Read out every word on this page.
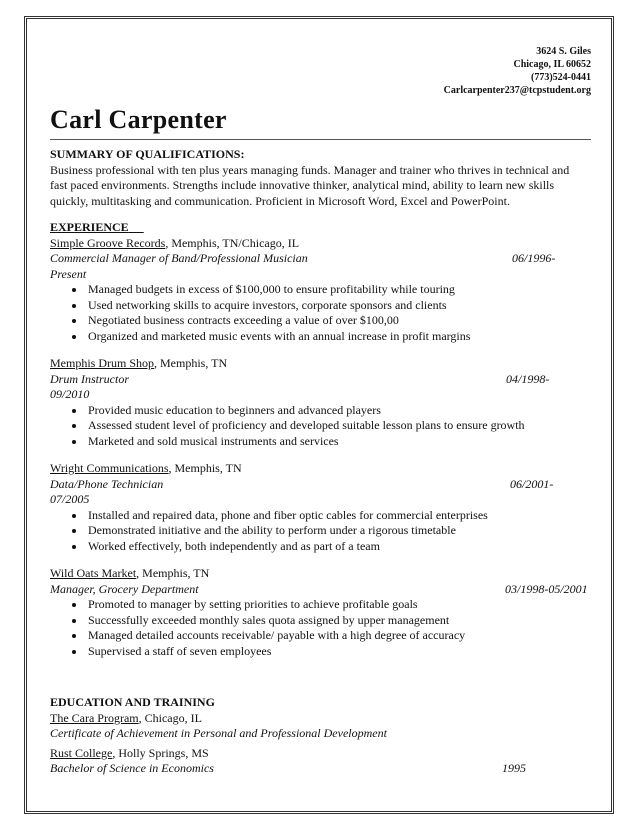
3624 S. Giles
Chicago, IL 60652
(773)524-0441
Carlcarpenter237@tcpstudent.org
Carl Carpenter

SUMMARY OF QUALIFICATIONS:

Business professional with ten plus years managing funds. Manager and trainer who thrives in technical and

fast paced environments. Strengths include innovative thinker, analytical mind, ability to learn new skills

quickly, multitasking and communication. Proficient in Microsoft Word, Excel and PowerPoint.

EXPERIENCE

Simple Groove Records, Memphis, TN/Chicago, IL

Commercial Manager of Band/Professional Musician	06/1996-

Present

• Managed budgets in excess of $100,000 to ensure profitability while touring
• Used networking skills to acquire investors, corporate sponsors and clients
• Negotiated business contracts exceeding a value of over $100,00
• Organized and marketed music events with an annual increase in profit margins

Memphis Drum Shop, Memphis, TN

Drum Instructor	04/1998-

09/2010

• Provided music education to beginners and advanced players
• Assessed student level of proficiency and developed suitable lesson plans to ensure growth
• Marketed and sold musical instruments and services

Wright Communications, Memphis, TN

Data/Phone Technician	06/2001-

07/2005

• Installed and repaired data, phone and fiber optic cables for commercial enterprises
• Demonstrated initiative and the ability to perform under a rigorous timetable
• Worked effectively, both independently and as part of a team

Wild Oats Market, Memphis, TN

Manager, Grocery Department	03/1998-05/2001
• Promoted to manager by setting priorities to achieve profitable goals
• Successfully exceeded monthly sales quota assigned by upper management
• Managed detailed accounts receivable/ payable with a high degree of accuracy
• Supervised a staff of seven employees

EDUCATION AND TRAINING

The Cara Program, Chicago, IL

Certificate of Achievement in Personal and Professional Development

Rust College, Holly Springs, MS

Bachelor of Science in Economics	1995
